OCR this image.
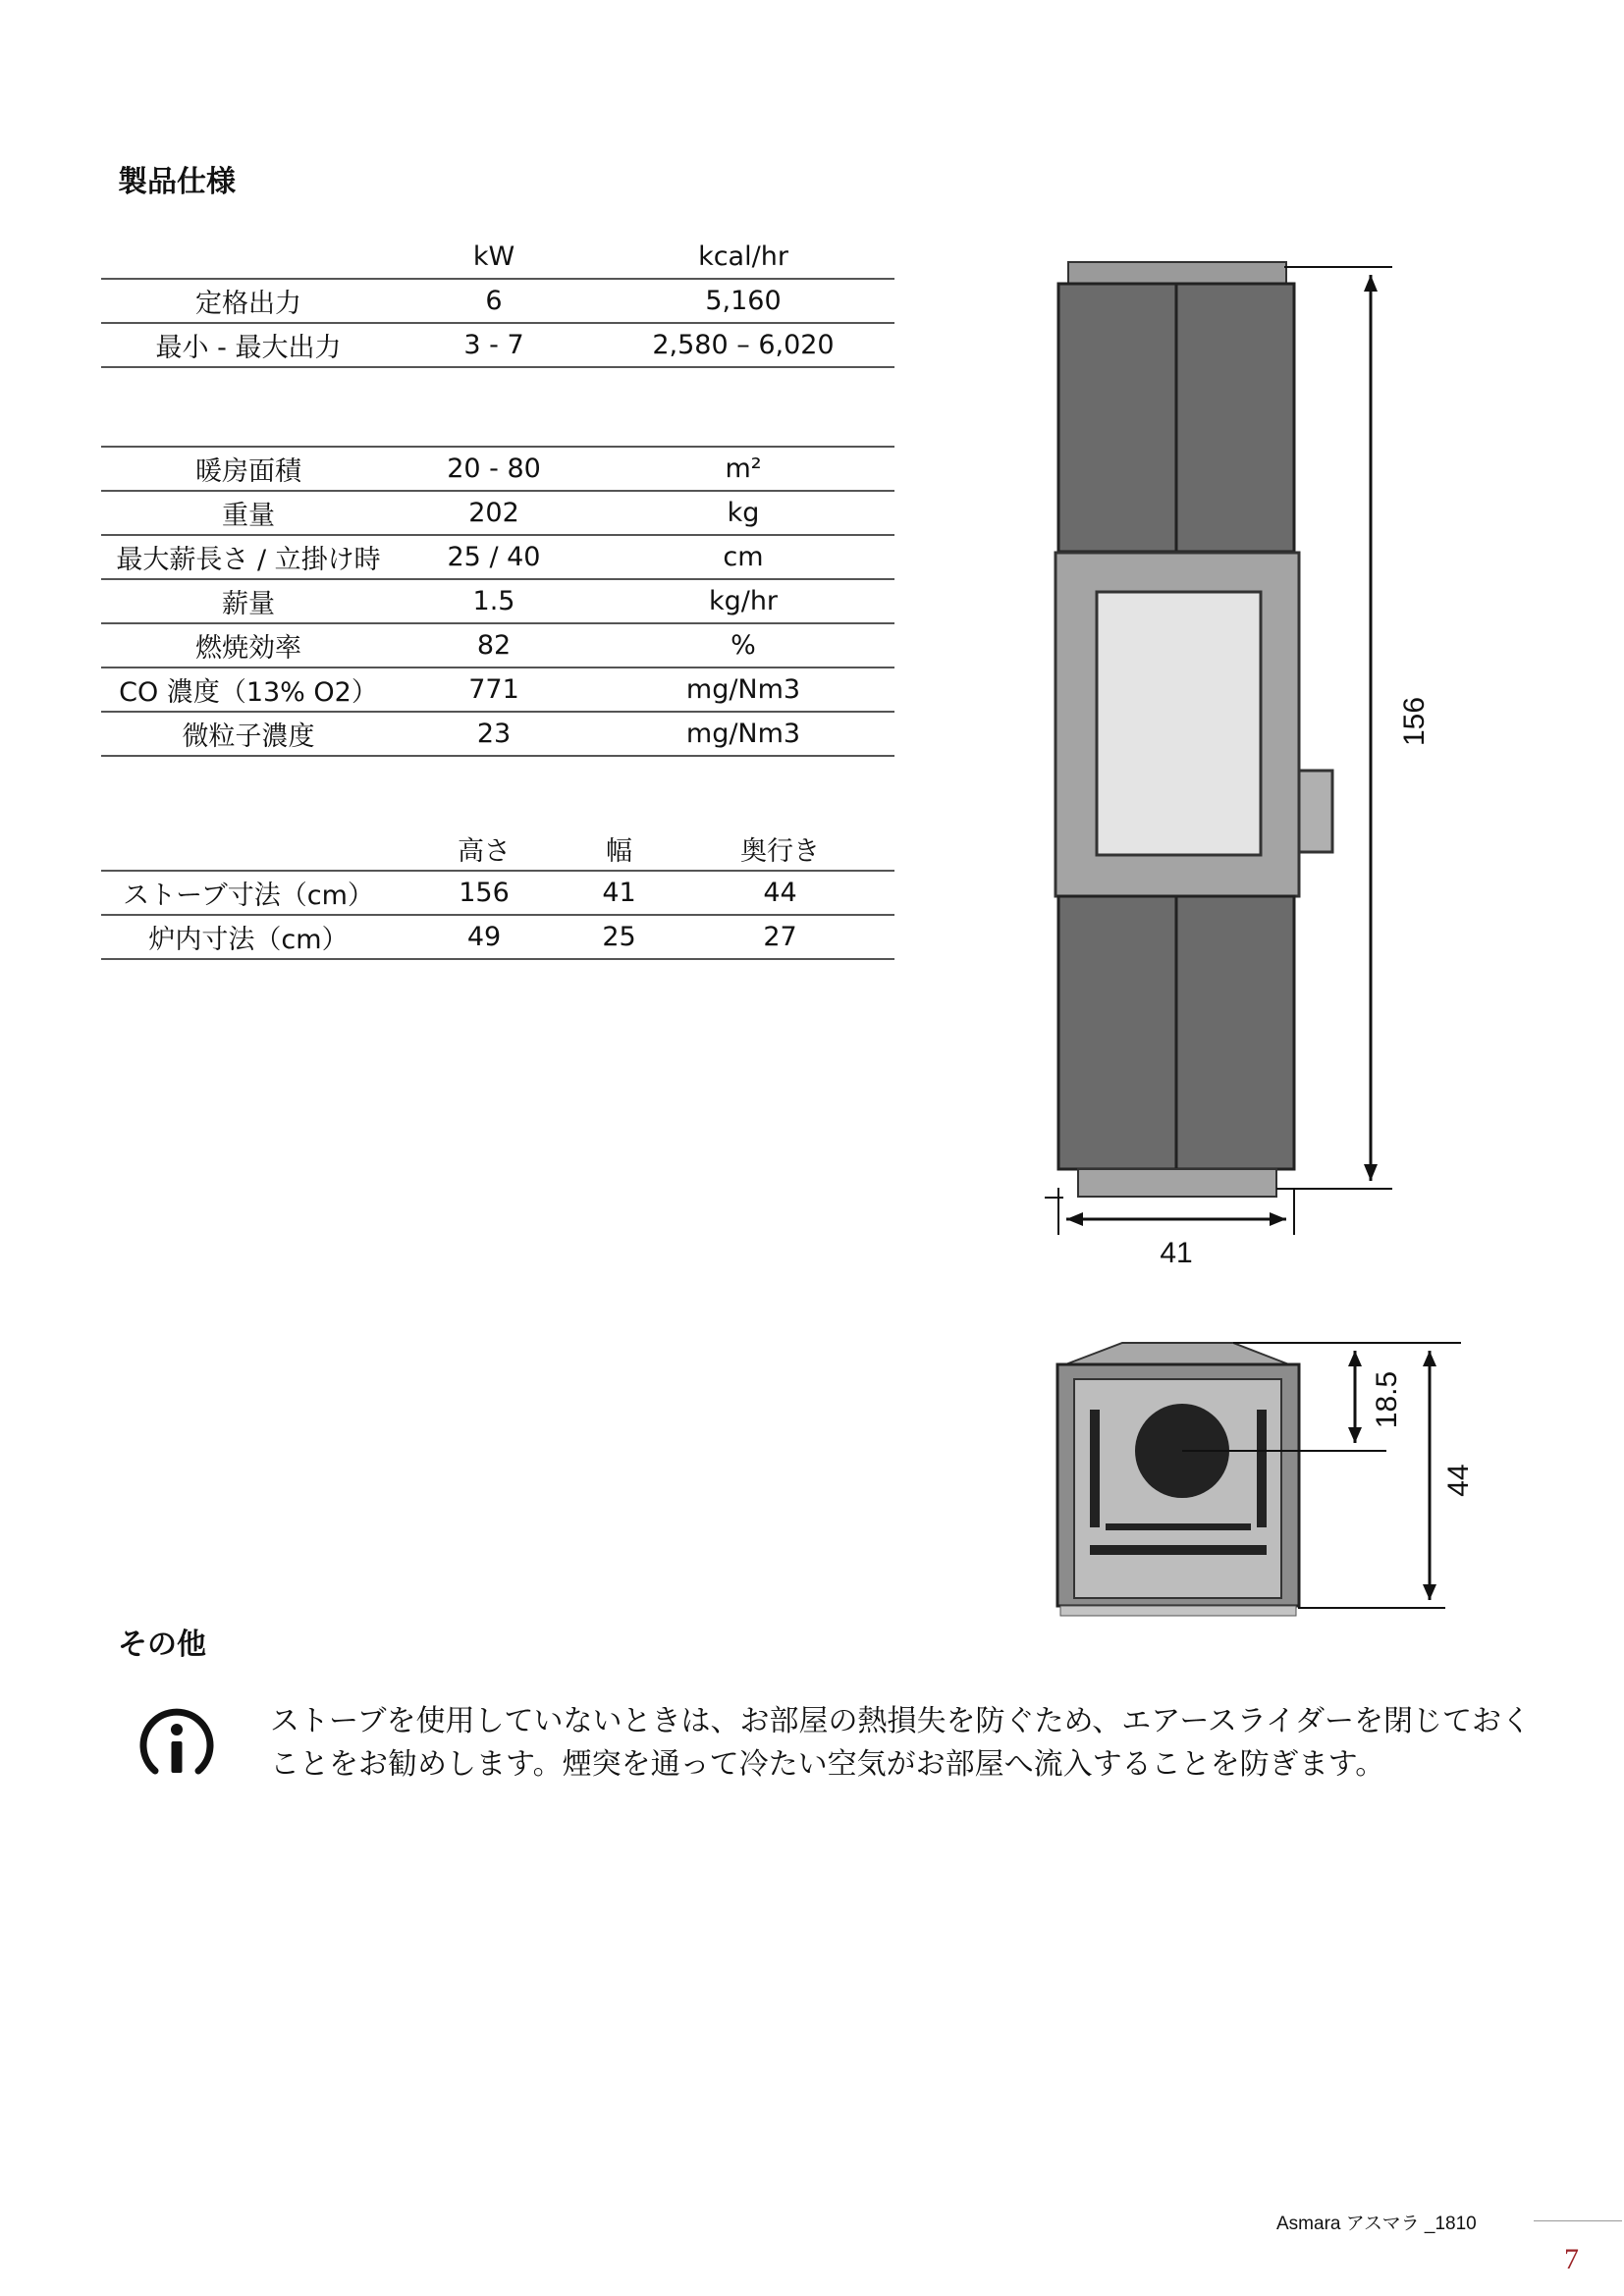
製品仕様
	kW	kcal/hr
定格出力	6	5,160
最小 - 最大出力	3 - 7	2,580 – 6,020
暖房面積	20 - 80	m²
重量	202	kg
最大薪長さ / 立掛け時	25 / 40	cm
薪量	1.5	kg/hr
燃焼効率	82	%
CO 濃度（13% O2）	771	mg/Nm3
微粒子濃度	23	mg/Nm3
	高さ	幅	奥行き
ストーブ寸法（cm）	156	41	44
炉内寸法（cm）	49	25	27
156
41
18.5
44
その他
ストーブを使用していないときは、お部屋の熱損失を防ぐため、エアースライダーを閉じておく
ことをお勧めします。煙突を通って冷たい空気がお部屋へ流入することを防ぎます。
Asmara アスマラ _1810
7
